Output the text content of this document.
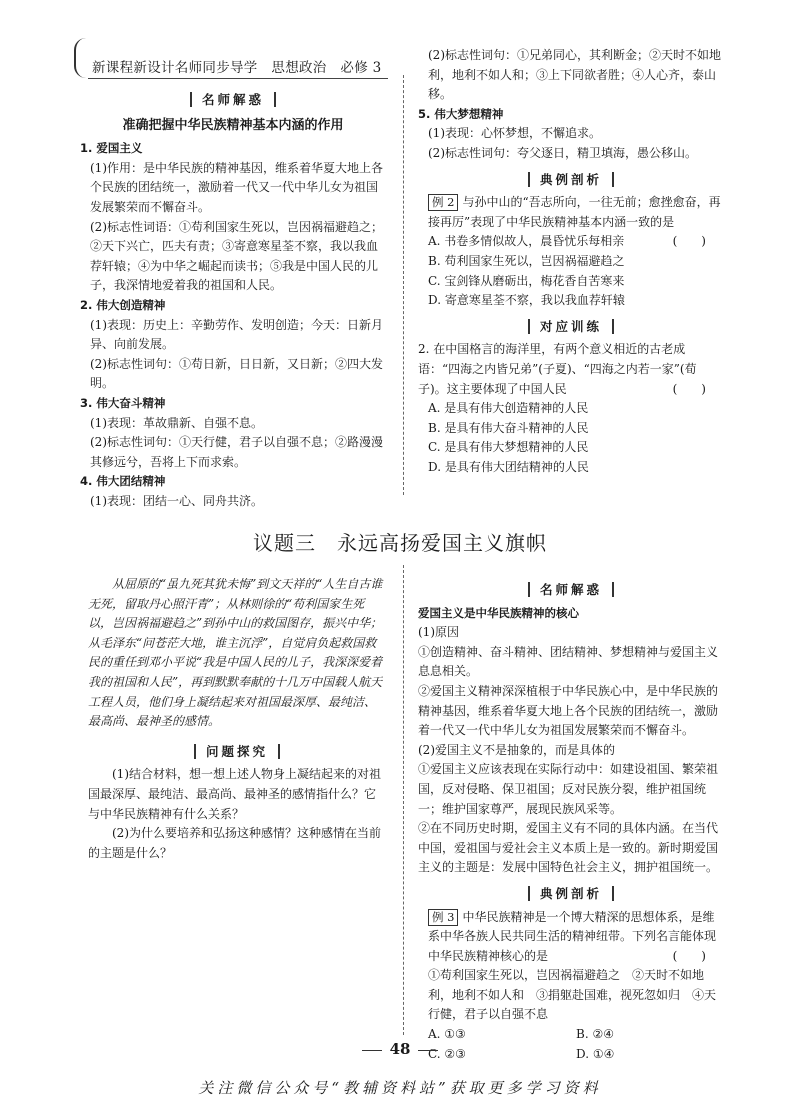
新课程新设计名师同步导学　思想政治　必修 3
名师解惑
准确把握中华民族精神基本内涵的作用

1. 爱国主义

(1)作用：是中华民族的精神基因，维系着华夏大地上各个民族的团结统一，激励着一代又一代中华儿女为祖国发展繁荣而不懈奋斗。

(2)标志性词语：①苟利国家生死以，岂因祸福避趋之；②天下兴亡，匹夫有责；③寄意寒星荃不察，我以我血荐轩辕；④为中华之崛起而读书；⑤我是中国人民的儿子，我深情地爱着我的祖国和人民。

2. 伟大创造精神

(1)表现：历史上：辛勤劳作、发明创造；今天：日新月异、向前发展。

(2)标志性词句：①苟日新，日日新，又日新；②四大发明。

3. 伟大奋斗精神

(1)表现：革故鼎新、自强不息。

(2)标志性词句：①天行健，君子以自强不息；②路漫漫其修远兮，吾将上下而求索。

4. 伟大团结精神

(1)表现：团结一心、同舟共济。

(2)标志性词句：①兄弟同心，其利断金；②天时不如地利，地利不如人和；③上下同欲者胜；④人心齐，泰山移。

5. 伟大梦想精神

(1)表现：心怀梦想，不懈追求。

(2)标志性词句：夸父逐日，精卫填海，愚公移山。

典例剖析

例 2 与孙中山的“吾志所向，一往无前；愈挫愈奋，再接再厉”表现了中华民族精神基本内涵一致的是
(　　)

A. 书卷多情似故人，晨昏忧乐每相亲

B. 苟利国家生死以，岂因祸福避趋之

C. 宝剑锋从磨砺出，梅花香自苦寒来

D. 寄意寒星荃不察，我以我血荐轩辕

对应训练

2. 在中国格言的海洋里，有两个意义相近的古老成语：“四海之内皆兄弟”(子夏)、“四海之内若一家”(荀子)。这主要体现了中国人民	(　　)

A. 是具有伟大创造精神的人民

B. 是具有伟大奋斗精神的人民

C. 是具有伟大梦想精神的人民

D. 是具有伟大团结精神的人民

议题三　永远高扬爱国主义旗帜

从屈原的“虽九死其犹未悔”到文天祥的“人生自古谁无死，留取丹心照汗青”；从林则徐的“苟利国家生死以，岂因祸福避趋之”到孙中山的救国图存，振兴中华；从毛泽东“问苍茫大地，谁主沉浮”，自觉肩负起救国救民的重任到邓小平说“我是中国人民的儿子，我深深爱着我的祖国和人民”，再到默默奉献的十几万中国载人航天工程人员，他们身上凝结起来对祖国最深厚、最纯洁、最高尚、最神圣的感情。

问题探究

(1)结合材料，想一想上述人物身上凝结起来的对祖国最深厚、最纯洁、最高尚、最神圣的感情指什么？它与中华民族精神有什么关系？

(2)为什么要培养和弘扬这种感情？这种感情在当前的主题是什么？

名师解惑

爱国主义是中华民族精神的核心

(1)原因

①创造精神、奋斗精神、团结精神、梦想精神与爱国主义息息相关。

②爱国主义精神深深植根于中华民族心中，是中华民族的精神基因，维系着华夏大地上各个民族的团结统一，激励着一代又一代中华儿女为祖国发展繁荣而不懈奋斗。

(2)爱国主义不是抽象的，而是具体的

①爱国主义应该表现在实际行动中：如建设祖国、繁荣祖国，反对侵略、保卫祖国；反对民族分裂，维护祖国统一；维护国家尊严，展现民族风采等。

②在不同历史时期，爱国主义有不同的具体内涵。在当代中国，爱祖国与爱社会主义本质上是一致的。新时期爱国主义的主题是：发展中国特色社会主义，拥护祖国统一。

典例剖析

例 3 中华民族精神是一个博大精深的思想体系，是维系中华各族人民共同生活的精神纽带。下列名言能体现中华民族精神核心的是	(　　)

①苟利国家生死以，岂因祸福避趋之　②天时不如地利，地利不如人和　③捐躯赴国难，视死忽如归　④天行健，君子以自强不息

A. ①③	B. ②④
C. ②③	D. ①④
48
关注微信公众号“教辅资料站”获取更多学习资料
